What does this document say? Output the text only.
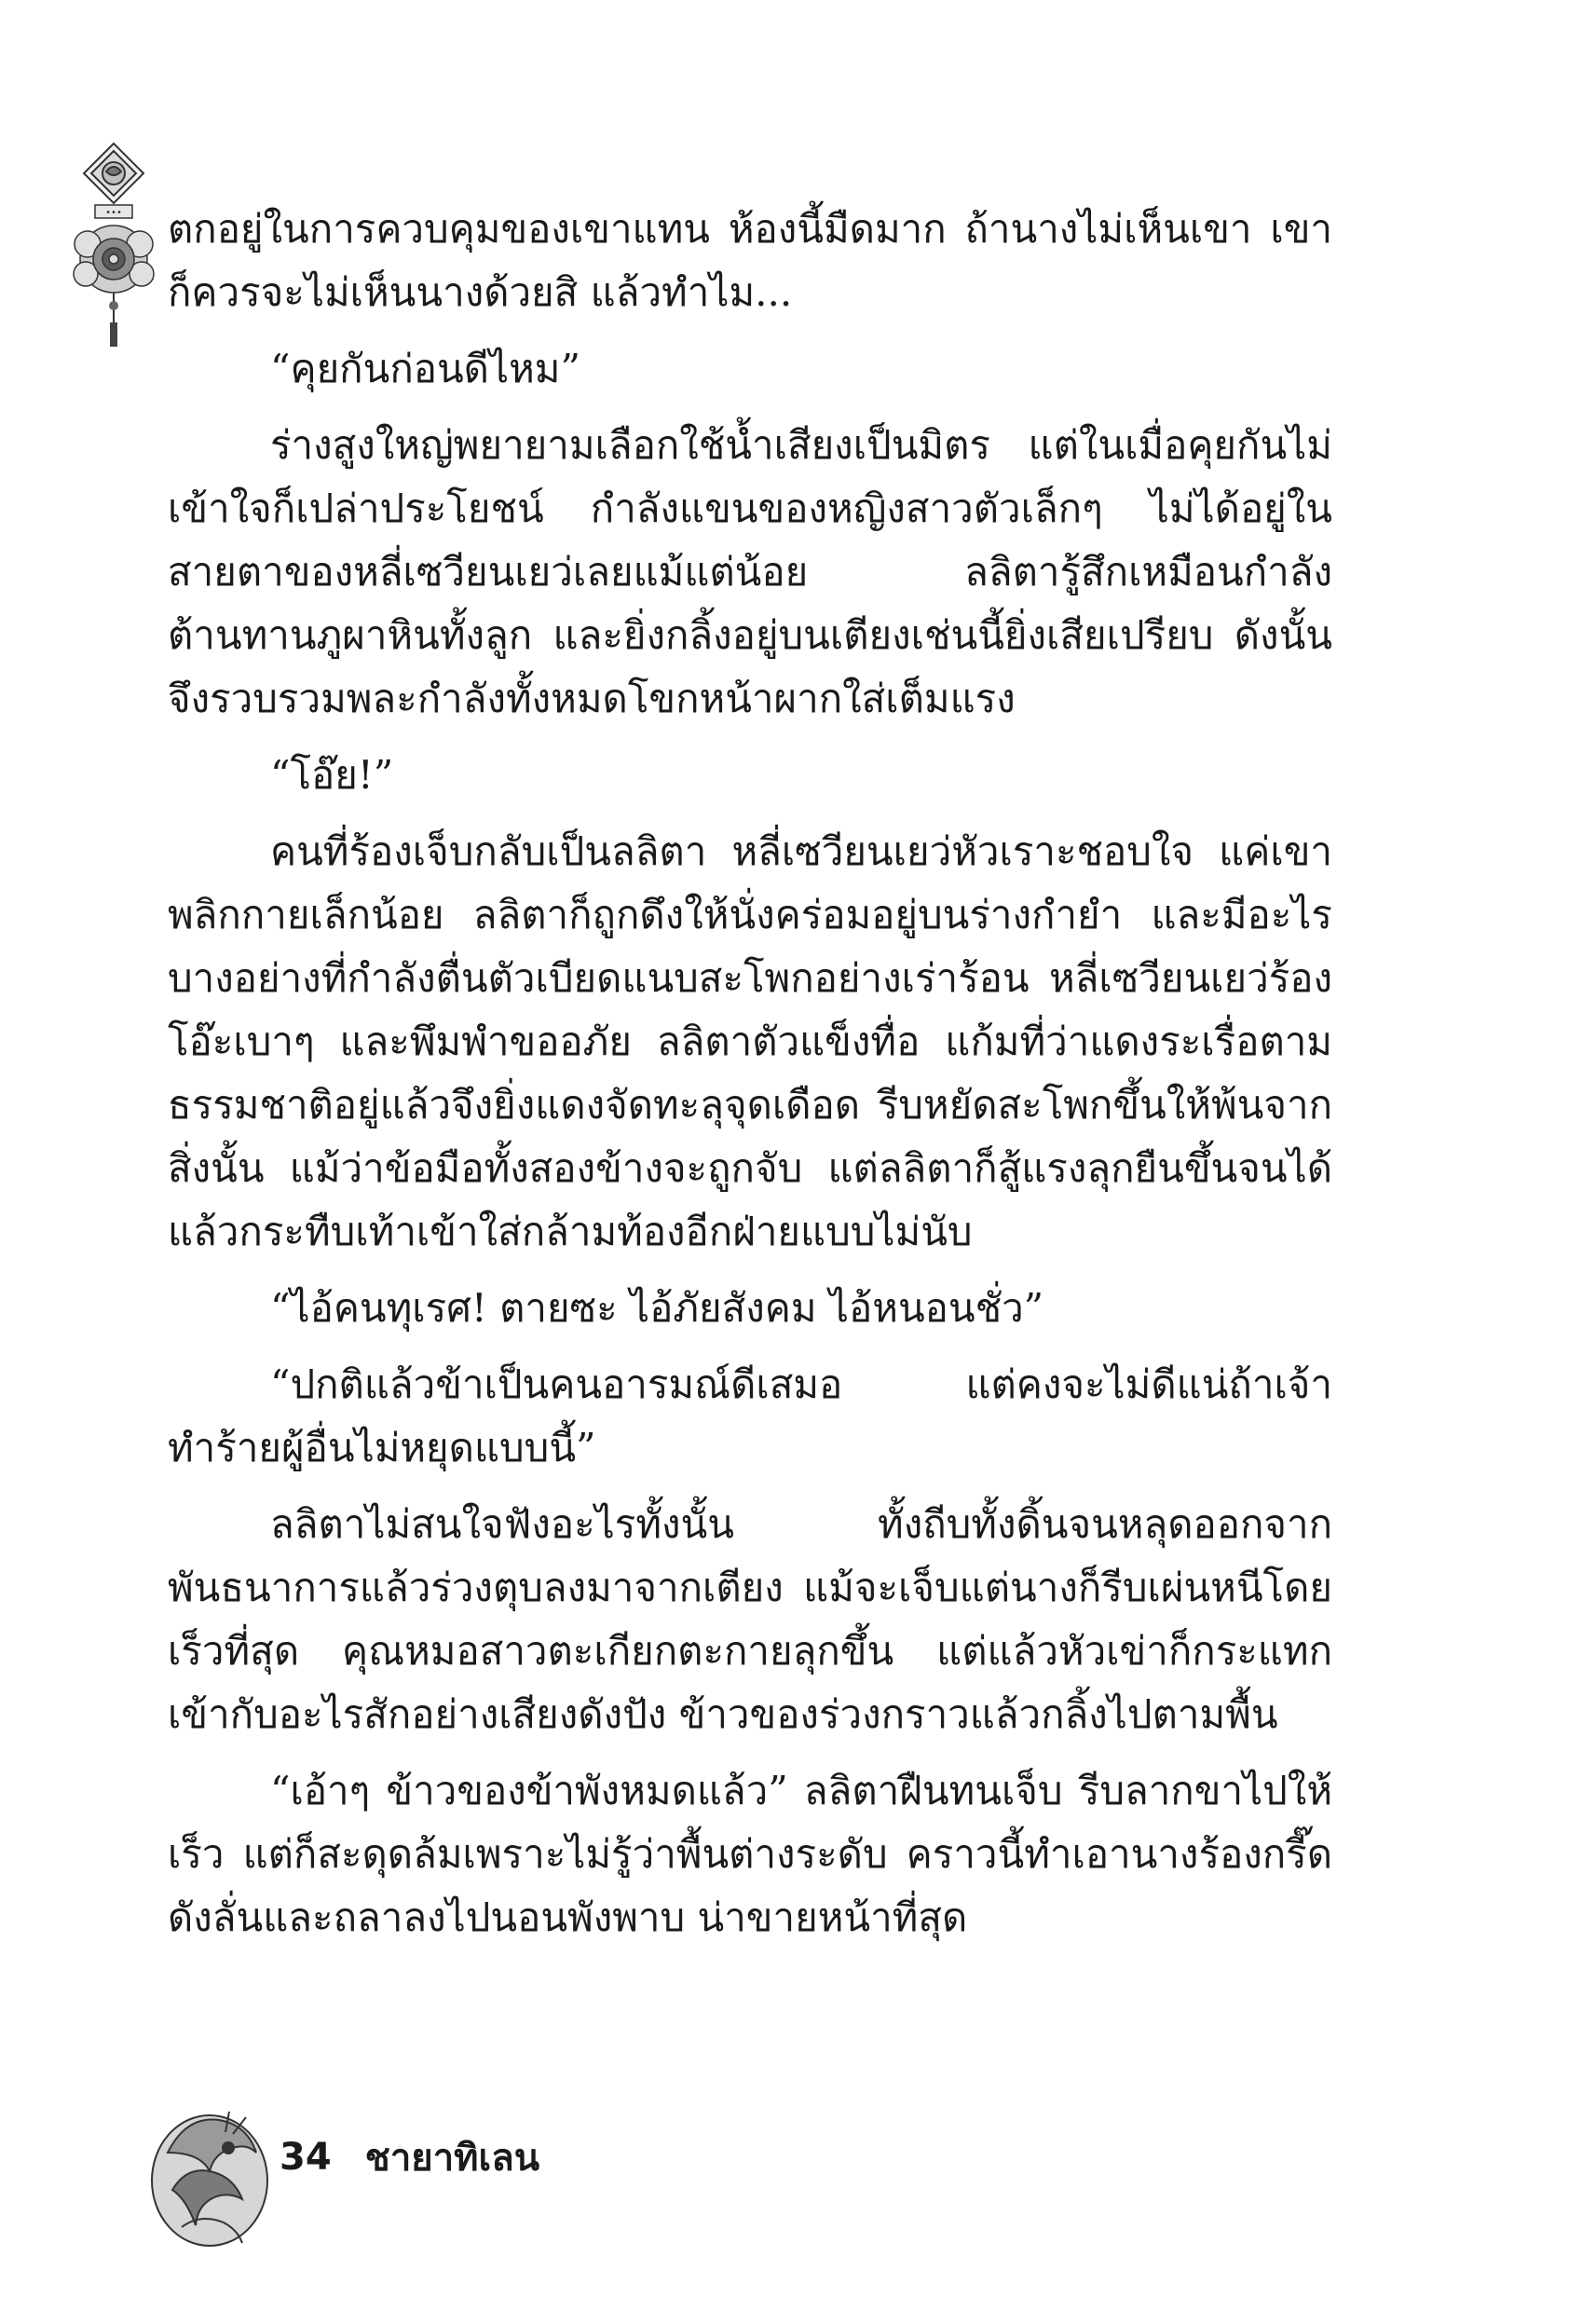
••• ตกอยู่ในการควบคุมของเขาแทน ห้องนี้มืดมาก ถ้านางไม่เห็นเขา เขาก็ควรจะไม่เห็นนางด้วยสิ แล้วทำไม...

“คุยกันก่อนดีไหม”

ร่างสูงใหญ่พยายามเลือกใช้น้ำเสียงเป็นมิตร แต่ในเมื่อคุยกันไม่เข้าใจก็เปล่าประโยชน์ กำลังแขนของหญิงสาวตัวเล็กๆ ไม่ได้อยู่ในสายตาของหลี่เซวียนเยว่เลยแม้แต่น้อย ลลิตารู้สึกเหมือนกำลังต้านทานภูผาหินทั้งลูก และยิ่งกลิ้งอยู่บนเตียงเช่นนี้ยิ่งเสียเปรียบ ดังนั้นจึงรวบรวมพละกำลังทั้งหมดโขกหน้าผากใส่เต็มแรง

“โอ๊ย!”

คนที่ร้องเจ็บกลับเป็นลลิตา หลี่เซวียนเยว่หัวเราะชอบใจ แค่เขาพลิกกายเล็กน้อย ลลิตาก็ถูกดึงให้นั่งคร่อมอยู่บนร่างกำยำ และมีอะไรบางอย่างที่กำลังตื่นตัวเบียดแนบสะโพกอย่างเร่าร้อน หลี่เซวียนเยว่ร้องโอ๊ะเบาๆ และพึมพำขออภัย ลลิตาตัวแข็งทื่อ แก้มที่ว่าแดงระเรื่อตามธรรมชาติอยู่แล้วจึงยิ่งแดงจัดทะลุจุดเดือด รีบหยัดสะโพกขึ้นให้พ้นจากสิ่งนั้น แม้ว่าข้อมือทั้งสองข้างจะถูกจับ แต่ลลิตาก็สู้แรงลุกยืนขึ้นจนได้ แล้วกระทืบเท้าเข้าใส่กล้ามท้องอีกฝ่ายแบบไม่นับ

“ไอ้คนทุเรศ! ตายซะ ไอ้ภัยสังคม ไอ้หนอนชั่ว”

“ปกติแล้วข้าเป็นคนอารมณ์ดีเสมอ แต่คงจะไม่ดีแน่ถ้าเจ้าทำร้ายผู้อื่นไม่หยุดแบบนี้”

ลลิตาไม่สนใจฟังอะไรทั้งนั้น ทั้งถีบทั้งดิ้นจนหลุดออกจากพันธนาการแล้วร่วงตุบลงมาจากเตียง แม้จะเจ็บแต่นางก็รีบเผ่นหนีโดยเร็วที่สุด คุณหมอสาวตะเกียกตะกายลุกขึ้น แต่แล้วหัวเข่าก็กระแทกเข้ากับอะไรสักอย่างเสียงดังปัง ข้าวของร่วงกราวแล้วกลิ้งไปตามพื้น

“เอ้าๆ ข้าวของข้าพังหมดแล้ว” ลลิตาฝืนทนเจ็บ รีบลากขาไปให้เร็ว แต่ก็สะดุดล้มเพราะไม่รู้ว่าพื้นต่างระดับ คราวนี้ทำเอานางร้องกรี๊ดดังลั่นและถลาลงไปนอนพังพาบ น่าขายหน้าที่สุด

34 ชายาทิเลน
